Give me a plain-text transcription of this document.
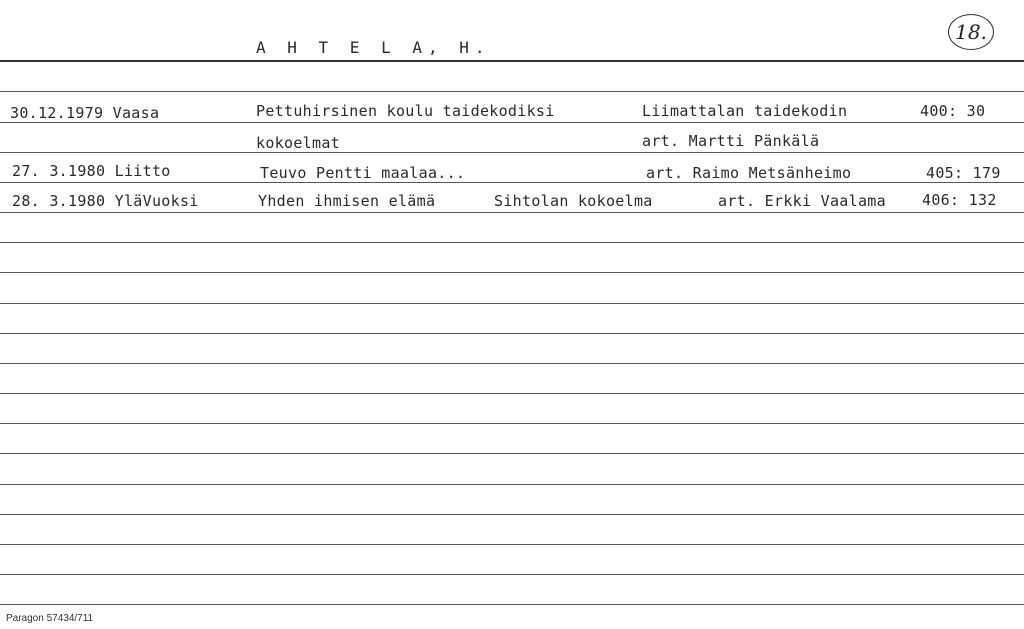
A H T E L A, H.
18.
30.12.1979 Vaasa	Pettuhirsinen koulu taidekodiksi	Liimattalan taidekodin	400: 30
kokoelmat	art. Martti Pänkälä
27. 3.1980 Liitto	Teuvo Pentti maalaa...	art. Raimo Metsänheimo	405: 179
28. 3.1980 YläVuoksi	Yhden ihmisen elämä	Sihtolan kokoelma	art. Erkki Vaalama 406: 132
Paragon 57434/711
